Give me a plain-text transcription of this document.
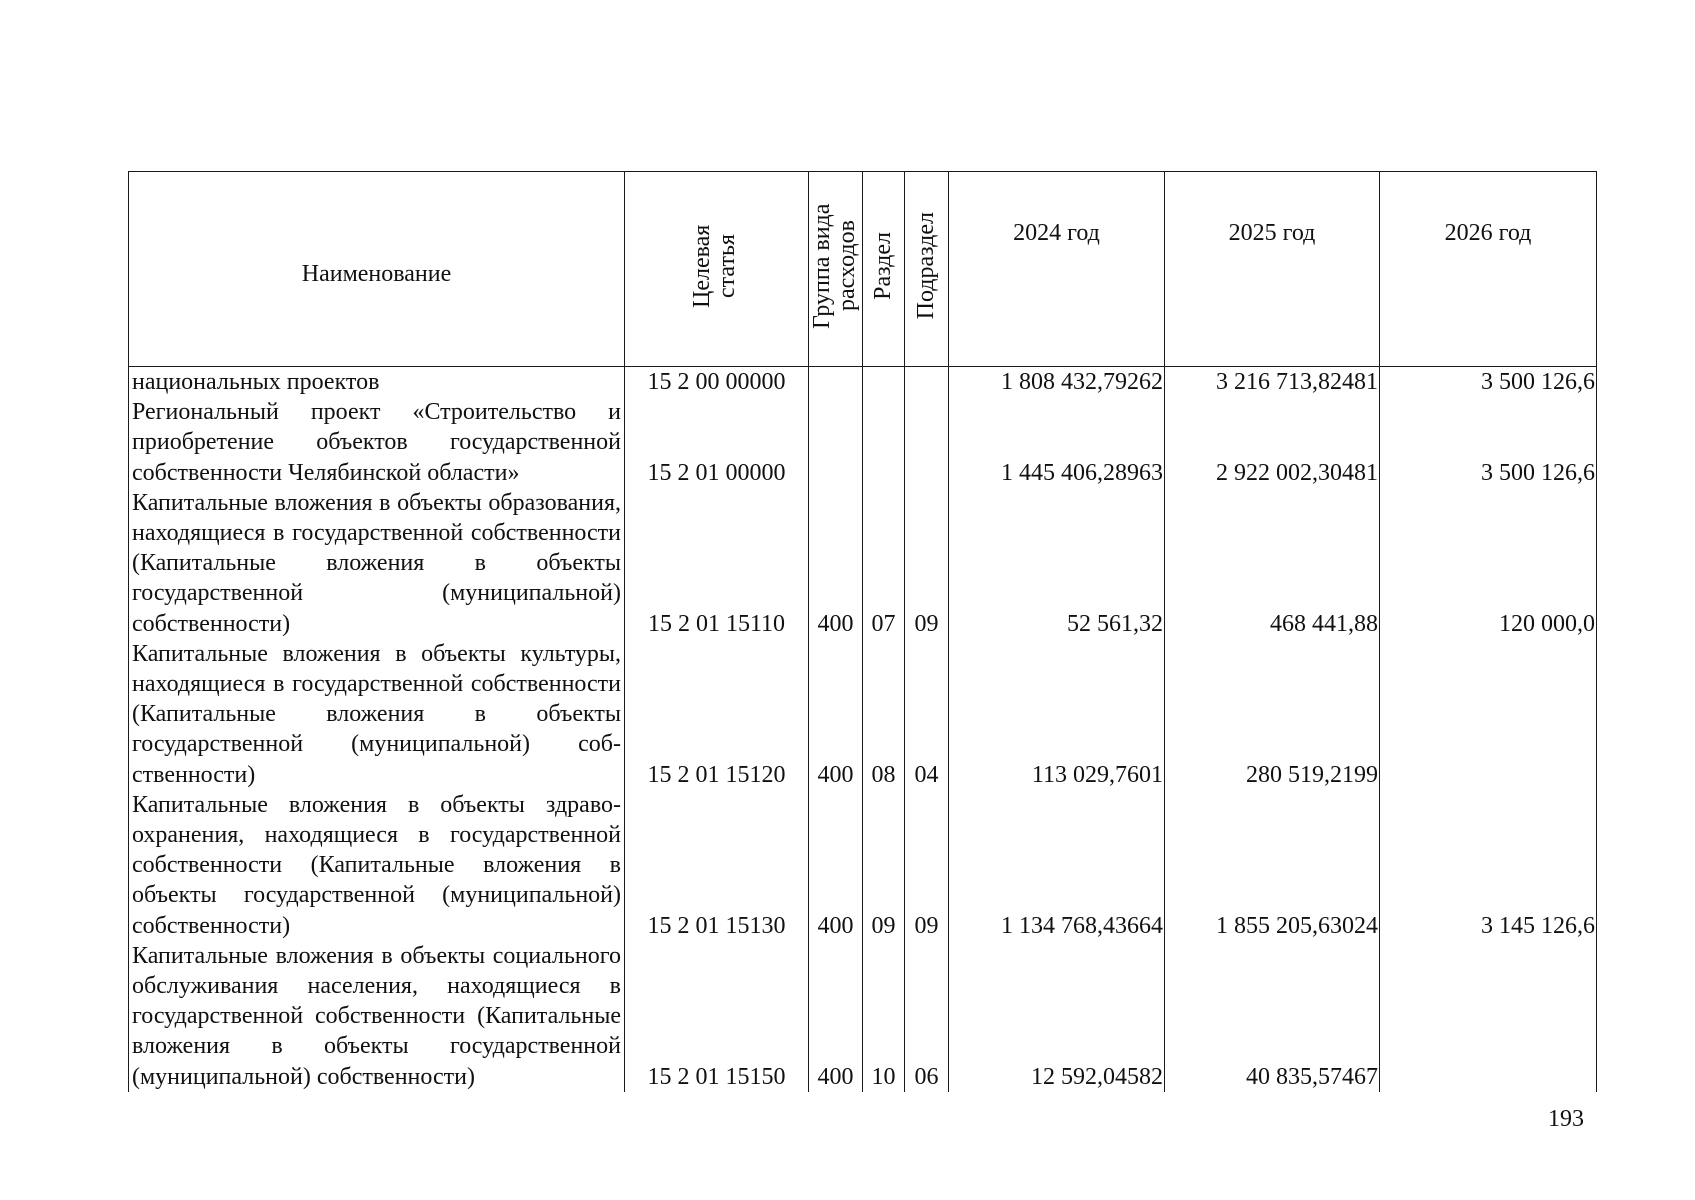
Наименование	Целевая статья	Группа вида расходов	Раздел	Подраздел	2024 год	2025 год	2026 год
национальных проектов	15 2 00 00000				1 808 432,79262	3 216 713,82481	3 500 126,6
Региональный проект «Строительство и приобретение объектов государственной собственности Челябинской области»	15 2 01 00000				1 445 406,28963	2 922 002,30481	3 500 126,6
Капитальные вложения в объекты образования, находящиеся в государственной собственности (Капитальные вложения в объекты государственной (муниципальной) собственности)	15 2 01 15110	400	07	09	52 561,32	468 441,88	120 000,0
Капитальные вложения в объекты культуры, находящиеся в государственной собственности (Капитальные вложения в объекты государственной (муниципальной) собственности)	15 2 01 15120	400	08	04	113 029,7601	280 519,2199	
Капитальные вложения в объекты здравоохранения, находящиеся в государственной собственности (Капитальные вложения в объекты государственной (муниципальной) собственности)	15 2 01 15130	400	09	09	1 134 768,43664	1 855 205,63024	3 145 126,6
Капитальные вложения в объекты социального обслуживания населения, находящиеся в государственной собственности (Капитальные вложения в объекты государственной (муниципальной) собственности)	15 2 01 15150	400	10	06	12 592,04582	40 835,57467	
193
